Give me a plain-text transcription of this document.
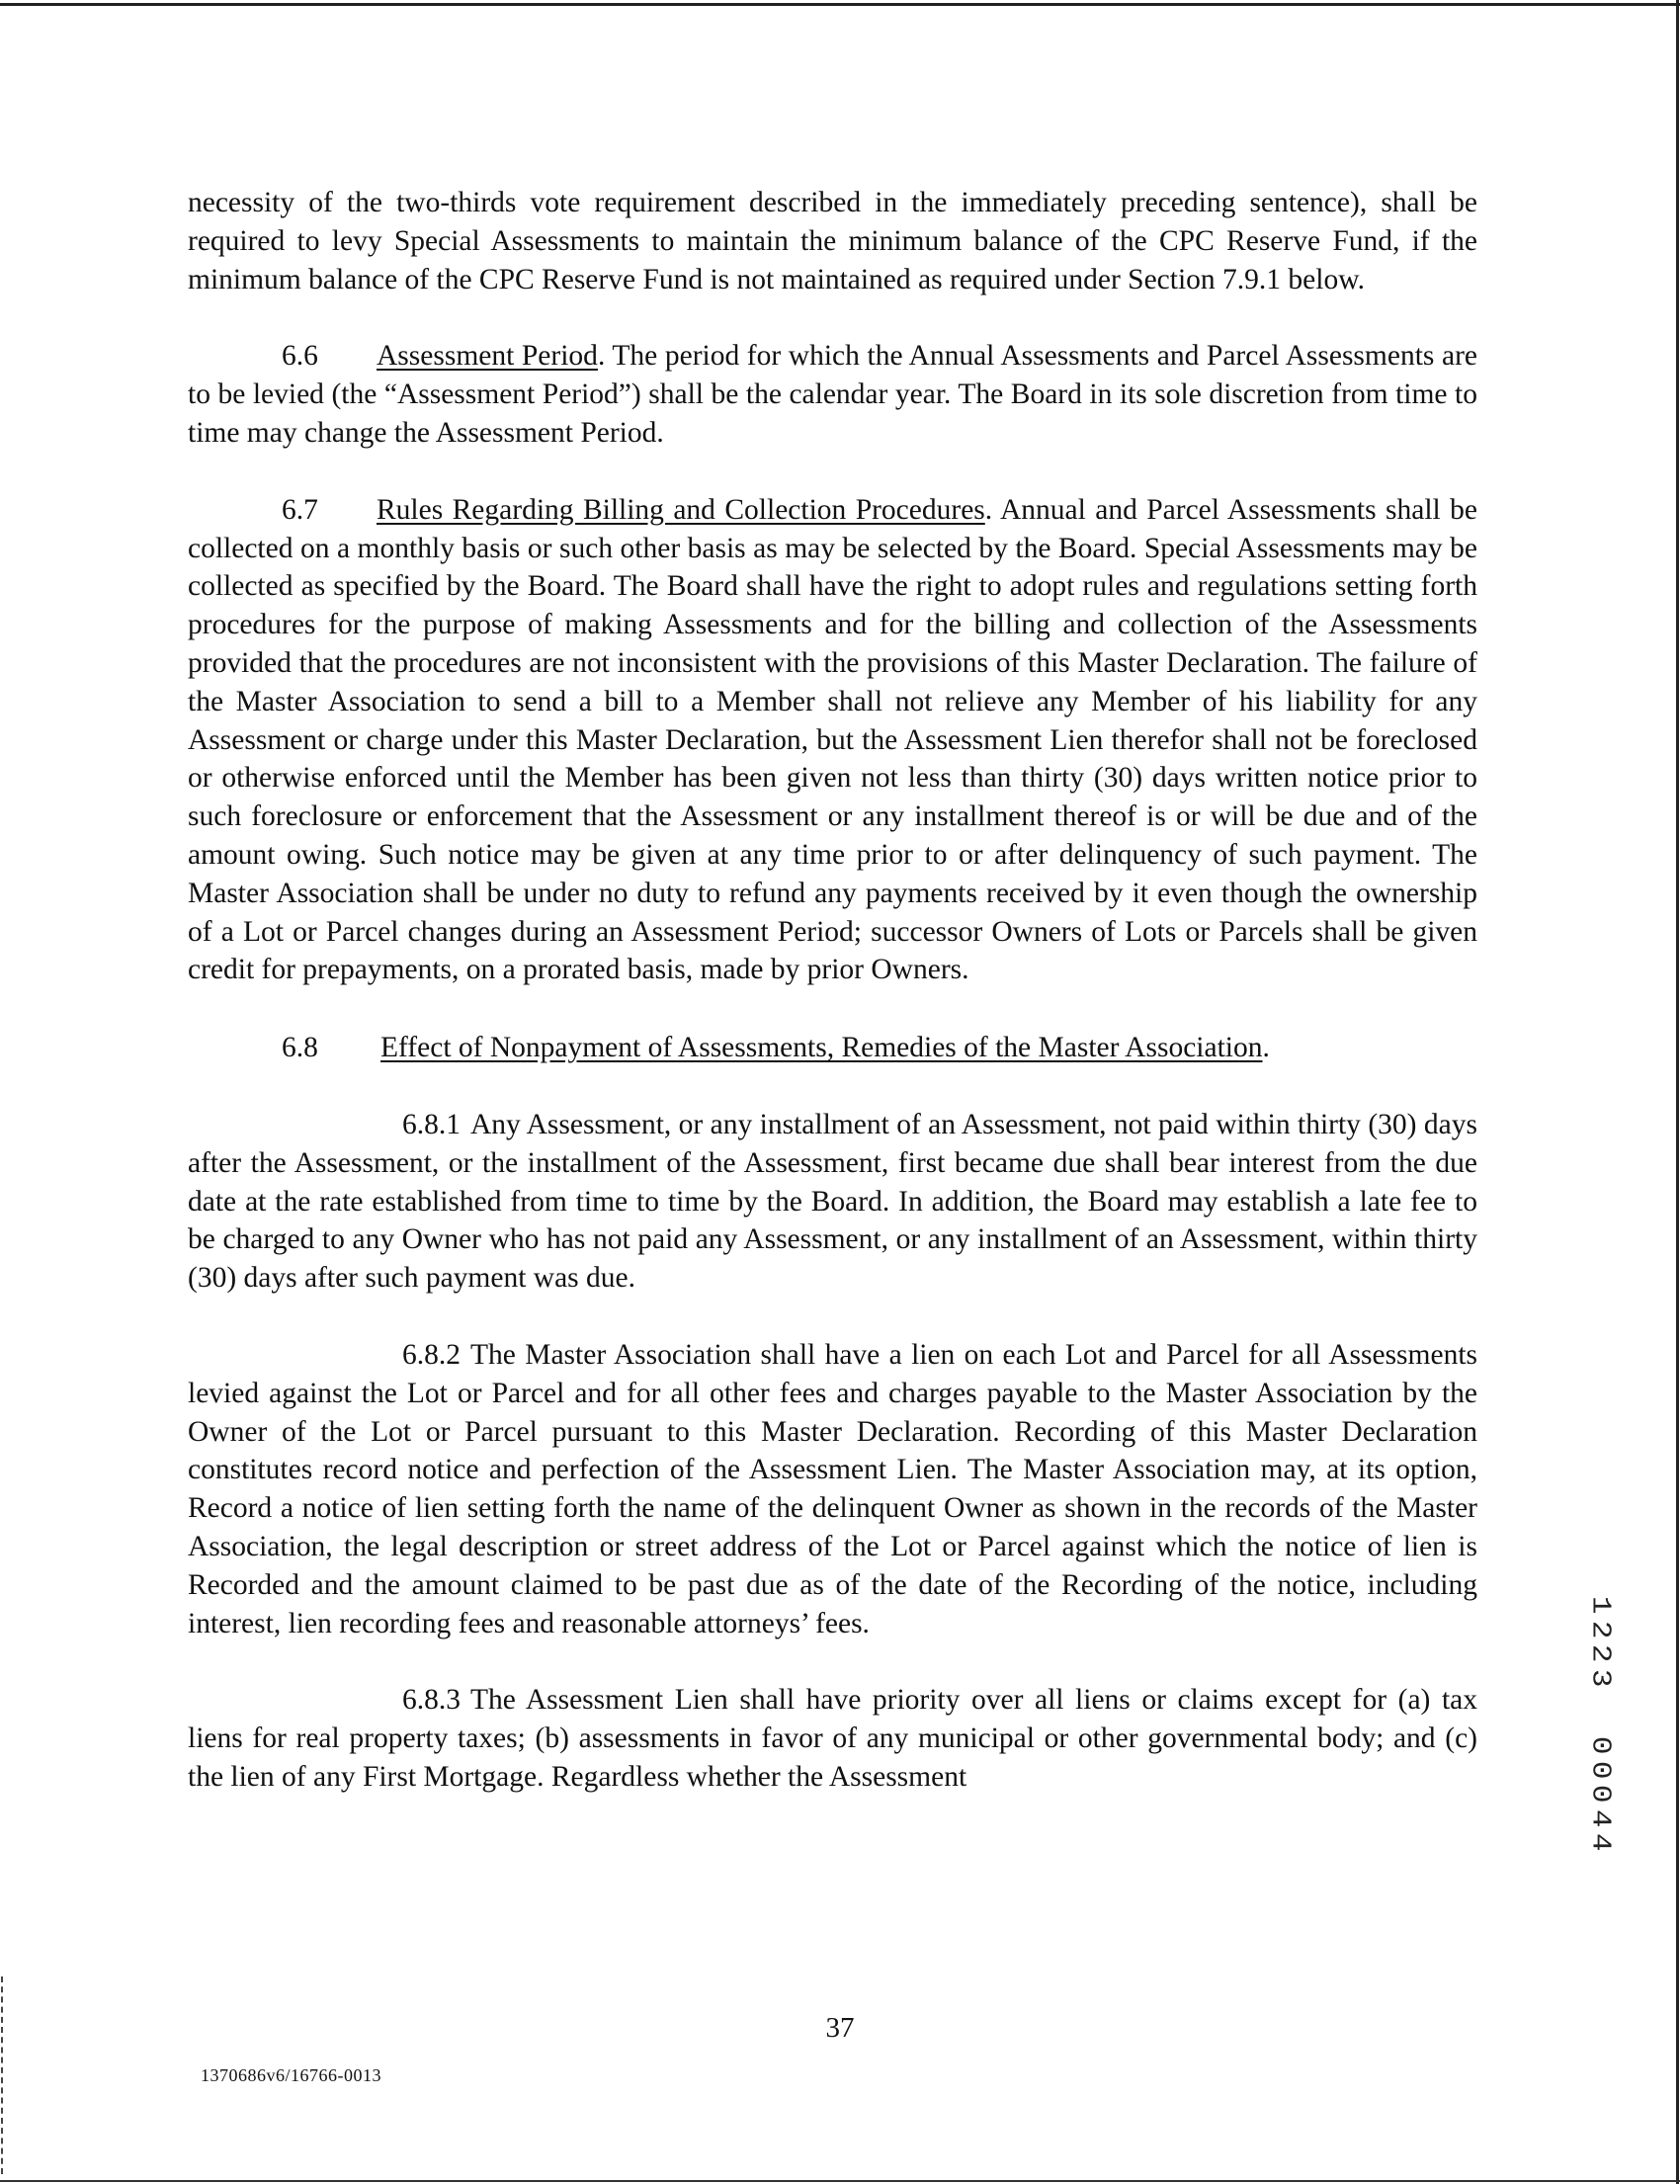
necessity of the two-thirds vote requirement described in the immediately preceding sentence), shall be required to levy Special Assessments to maintain the minimum balance of the CPC Reserve Fund, if the minimum balance of the CPC Reserve Fund is not maintained as required under Section 7.9.1 below.

6.6 Assessment Period. The period for which the Annual Assessments and Parcel Assessments are to be levied (the “Assessment Period”) shall be the calendar year. The Board in its sole discretion from time to time may change the Assessment Period.

6.7 Rules Regarding Billing and Collection Procedures. Annual and Parcel Assessments shall be collected on a monthly basis or such other basis as may be selected by the Board. Special Assessments may be collected as specified by the Board. The Board shall have the right to adopt rules and regulations setting forth procedures for the purpose of making Assessments and for the billing and collection of the Assessments provided that the procedures are not inconsistent with the provisions of this Master Declaration. The failure of the Master Association to send a bill to a Member shall not relieve any Member of his liability for any Assessment or charge under this Master Declaration, but the Assessment Lien therefor shall not be foreclosed or otherwise enforced until the Member has been given not less than thirty (30) days written notice prior to such foreclosure or enforcement that the Assessment or any installment thereof is or will be due and of the amount owing. Such notice may be given at any time prior to or after delinquency of such payment. The Master Association shall be under no duty to refund any payments received by it even though the ownership of a Lot or Parcel changes during an Assessment Period; successor Owners of Lots or Parcels shall be given credit for prepayments, on a prorated basis, made by prior Owners.

6.8 Effect of Nonpayment of Assessments, Remedies of the Master Association.

6.8.1 Any Assessment, or any installment of an Assessment, not paid within thirty (30) days after the Assessment, or the installment of the Assessment, first became due shall bear interest from the due date at the rate established from time to time by the Board. In addition, the Board may establish a late fee to be charged to any Owner who has not paid any Assessment, or any installment of an Assessment, within thirty (30) days after such payment was due.

6.8.2 The Master Association shall have a lien on each Lot and Parcel for all Assessments levied against the Lot or Parcel and for all other fees and charges payable to the Master Association by the Owner of the Lot or Parcel pursuant to this Master Declaration. Recording of this Master Declaration constitutes record notice and perfection of the Assessment Lien. The Master Association may, at its option, Record a notice of lien setting forth the name of the delinquent Owner as shown in the records of the Master Association, the legal description or street address of the Lot or Parcel against which the notice of lien is Recorded and the amount claimed to be past due as of the date of the Recording of the notice, including interest, lien recording fees and reasonable attorneys’ fees.

6.8.3 The Assessment Lien shall have priority over all liens or claims except for (a) tax liens for real property taxes; (b) assessments in favor of any municipal or other governmental body; and (c) the lien of any First Mortgage. Regardless whether the Assessment

1
2
2
3
0
0
0
4
4
37
1370686v6/16766-0013
